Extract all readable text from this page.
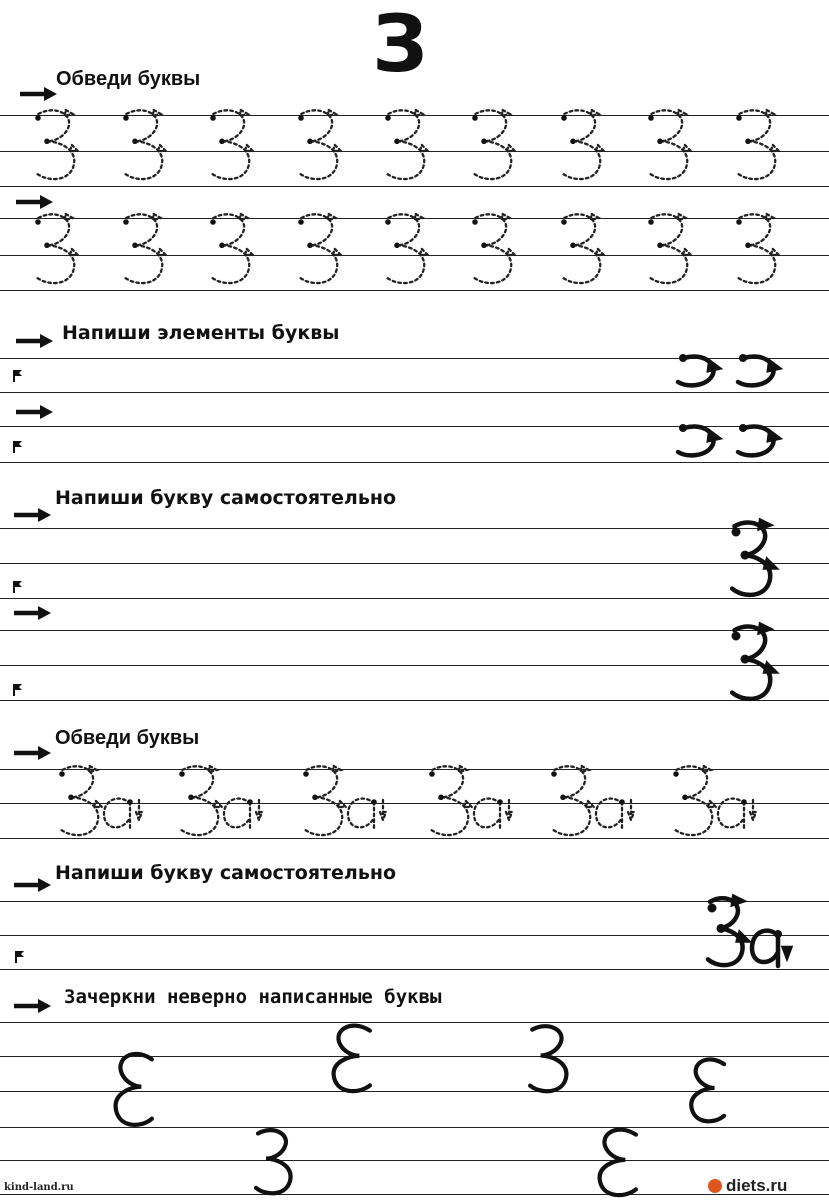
З
Обведи буквы
Напиши элементы буквы
Напиши букву самостоятельно
Обведи буквы
Напиши букву самостоятельно
Зачеркни неверно написанные буквы
kind-land.ru	diets.ru
